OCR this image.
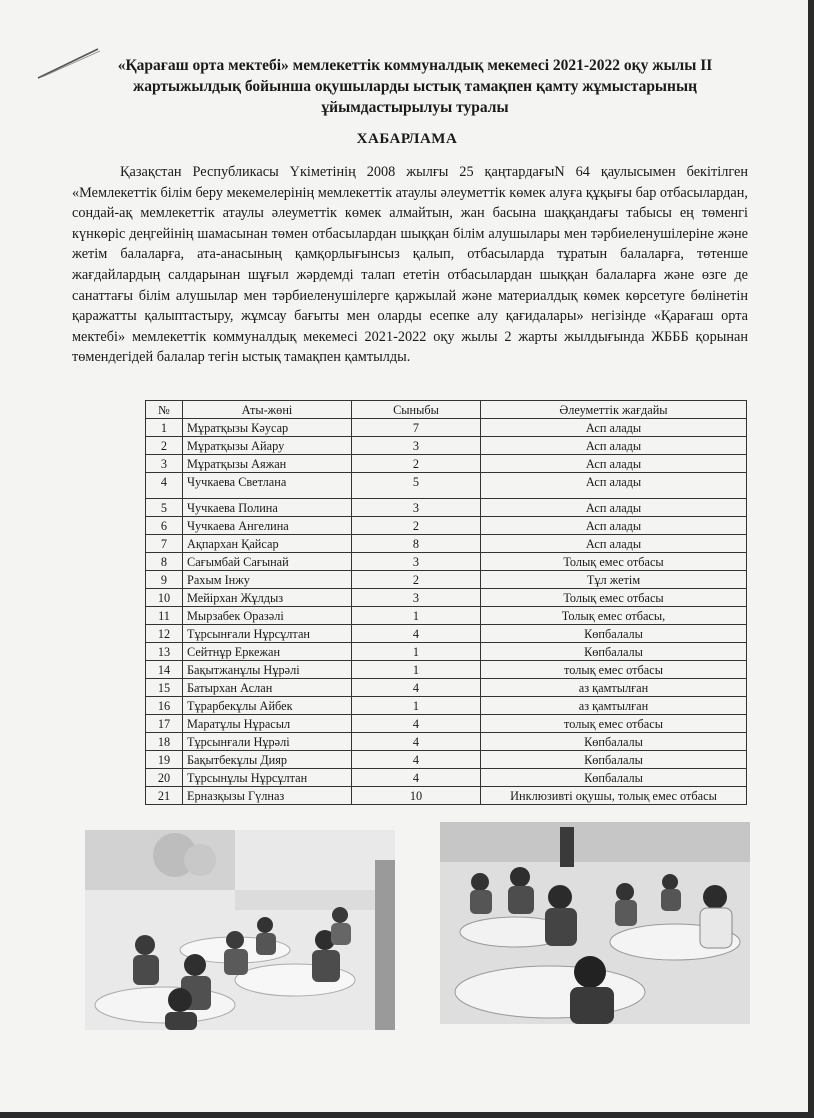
«Қарағаш орта мектебі» мемлекеттік коммуналдық мекемесі 2021-2022 оқу жылы II жартыжылдық бойынша оқушыларды ыстық тамақпен қамту жұмыстарының ұйымдастырылуы туралы
ХАБАРЛАМА
Қазақстан Республикасы Үкіметінің 2008 жылғы 25 қаңтардағыN 64 қаулысымен бекітілген «Мемлекеттік білім беру мекемелерінің мемлекеттік атаулы әлеуметтік көмек алуға құқығы бар отбасылардан, сондай-ақ мемлекеттік атаулы әлеуметтік көмек алмайтын, жан басына шаққандағы табысы ең төменгі күнкөріс деңгейінің шамасынан төмен отбасылардан шыққан білім алушылары мен тәрбиеленушілеріне және жетім балаларға, ата-анасының қамқорлығынсыз қалып, отбасыларда тұратын балаларға, төтенше жағдайлардың салдарынан шұғыл жәрдемді талап ететін отбасылардан шыққан балаларға және өзге де санаттағы білім алушылар мен тәрбиеленушілерге қаржылай және материалдық көмек көрсетуге бөлінетін қаражатты қалыптастыру, жұмсау бағыты мен оларды есепке алу қағидалары» негізінде «Қарағаш орта мектебі» мемлекеттік коммуналдық мекемесі 2021-2022 оқу жылы 2 жарты жылдығында ЖБББ қорынан төмендегідей балалар тегін ыстық тамақпен қамтылды.
№	Аты-жөні	Сыныбы	Әлеуметтік жағдайы
1	Мұратқызы Кәусар	7	Асп алады
2	Мұратқызы Айару	3	Асп алады
3	Мұратқызы Аяжан	2	Асп алады
4	Чучкаева Светлана	5	Асп алады
5	Чучкаева Полина	3	Асп алады
6	Чучкаева Ангелина	2	Асп алады
7	Ақпархан Қайсар	8	Асп алады
8	Сағымбай Сағынай	3	Толық емес отбасы
9	Рахым Інжу	2	Тұл жетім
10	Мейірхан Жұлдыз	3	Толық емес отбасы
11	Мырзабек Оразәлі	1	Толық емес отбасы,
12	Тұрсынғали Нұрсұлтан	4	Көпбалалы
13	Сейтнұр Еркежан	1	Көпбалалы
14	Бақытжанұлы Нұрәлі	1	толық емес отбасы
15	Батырхан Аслан	4	аз қамтылған
16	Тұрарбекұлы Айбек	1	аз қамтылған
17	Маратұлы Нұрасыл	4	толық емес отбасы
18	Тұрсынғали Нұрәлі	4	Көпбалалы
19	Бақытбекұлы Дияр	4	Көпбалалы
20	Тұрсынұлы Нұрсұлтан	4	Көпбалалы
21	Ерназқызы Гүлназ	10	Инклюзивті оқушы, толық емес отбасы
